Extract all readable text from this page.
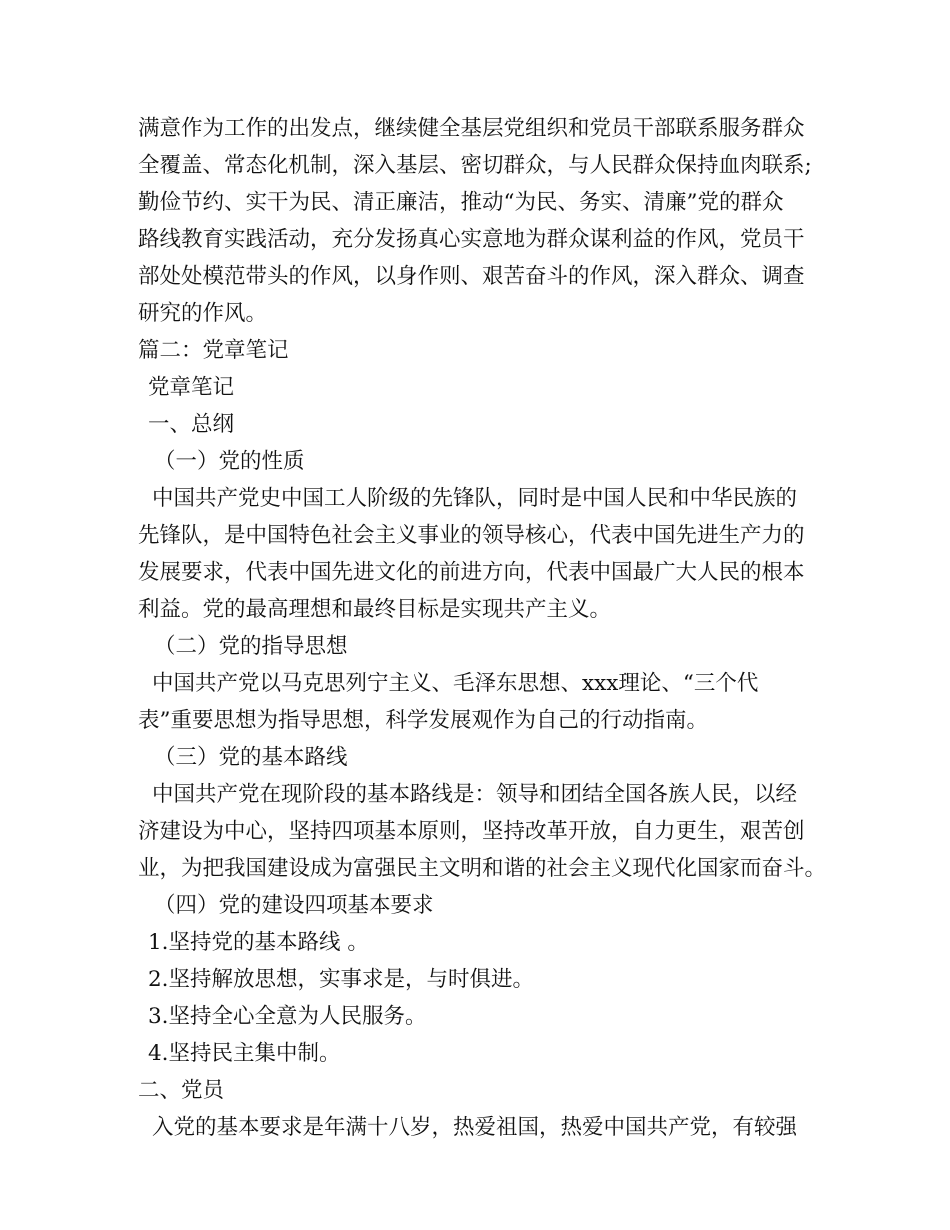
满意作为工作的出发点，继续健全基层党组织和党员干部联系服务群众
全覆盖、常态化机制，深入基层、密切群众，与人民群众保持血肉联系;
勤俭节约、实干为民、清正廉洁，推动“为民、务实、清廉”党的群众
路线教育实践活动，充分发扬真心实意地为群众谋利益的作风，党员干
部处处模范带头的作风，以身作则、艰苦奋斗的作风，深入群众、调查
研究的作风。
篇二：党章笔记
党章笔记
一、总纲
（一）党的性质
中国共产党史中国工人阶级的先锋队，同时是中国人民和中华民族的
先锋队，是中国特色社会主义事业的领导核心，代表中国先进生产力的
发展要求，代表中国先进文化的前进方向，代表中国最广大人民的根本
利益。党的最高理想和最终目标是实现共产主义。
（二）党的指导思想
中国共产党以马克思列宁主义、毛泽东思想、xxx理论、“三个代
表”重要思想为指导思想，科学发展观作为自己的行动指南。
（三）党的基本路线
中国共产党在现阶段的基本路线是：领导和团结全国各族人民，以经
济建设为中心，坚持四项基本原则，坚持改革开放，自力更生，艰苦创
业，为把我国建设成为富强民主文明和谐的社会主义现代化国家而奋斗。
（四）党的建设四项基本要求
1.坚持党的基本路线 。
2.坚持解放思想，实事求是，与时俱进。
3.坚持全心全意为人民服务。
4.坚持民主集中制。
二、党员
入党的基本要求是年满十八岁，热爱祖国，热爱中国共产党，有较强
